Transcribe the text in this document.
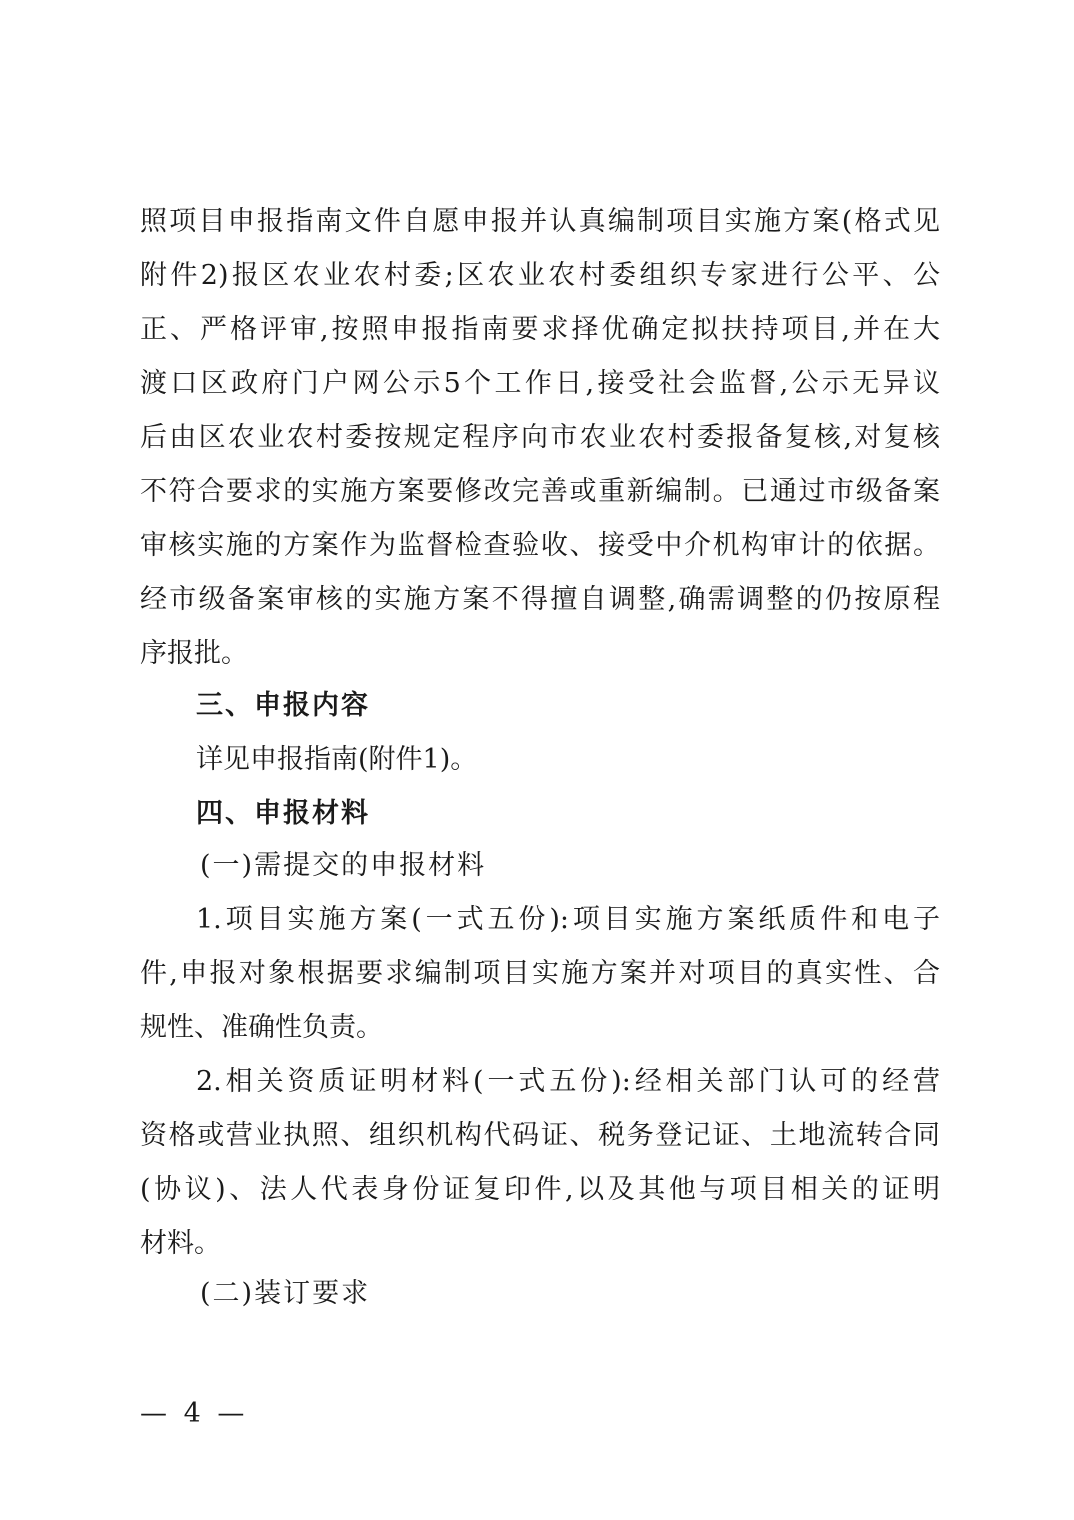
照项目申报指南文件自愿申报并认真编制项目实施方案(格式见
附件2)报区农业农村委;区农业农村委组织专家进行公平、公
正、严格评审,按照申报指南要求择优确定拟扶持项目,并在大
渡口区政府门户网公示5个工作日,接受社会监督,公示无异议
后由区农业农村委按规定程序向市农业农村委报备复核,对复核
不符合要求的实施方案要修改完善或重新编制。已通过市级备案
审核实施的方案作为监督检查验收、接受中介机构审计的依据。
经市级备案审核的实施方案不得擅自调整,确需调整的仍按原程
序报批。
三、申报内容
详见申报指南(附件1)。
四、申报材料
(一)需提交的申报材料
1.项目实施方案(一式五份):项目实施方案纸质件和电子
件,申报对象根据要求编制项目实施方案并对项目的真实性、合
规性、准确性负责。
2.相关资质证明材料(一式五份):经相关部门认可的经营
资格或营业执照、组织机构代码证、税务登记证、土地流转合同
(协议)、法人代表身份证复印件,以及其他与项目相关的证明
材料。
(二)装订要求
— 4 —
